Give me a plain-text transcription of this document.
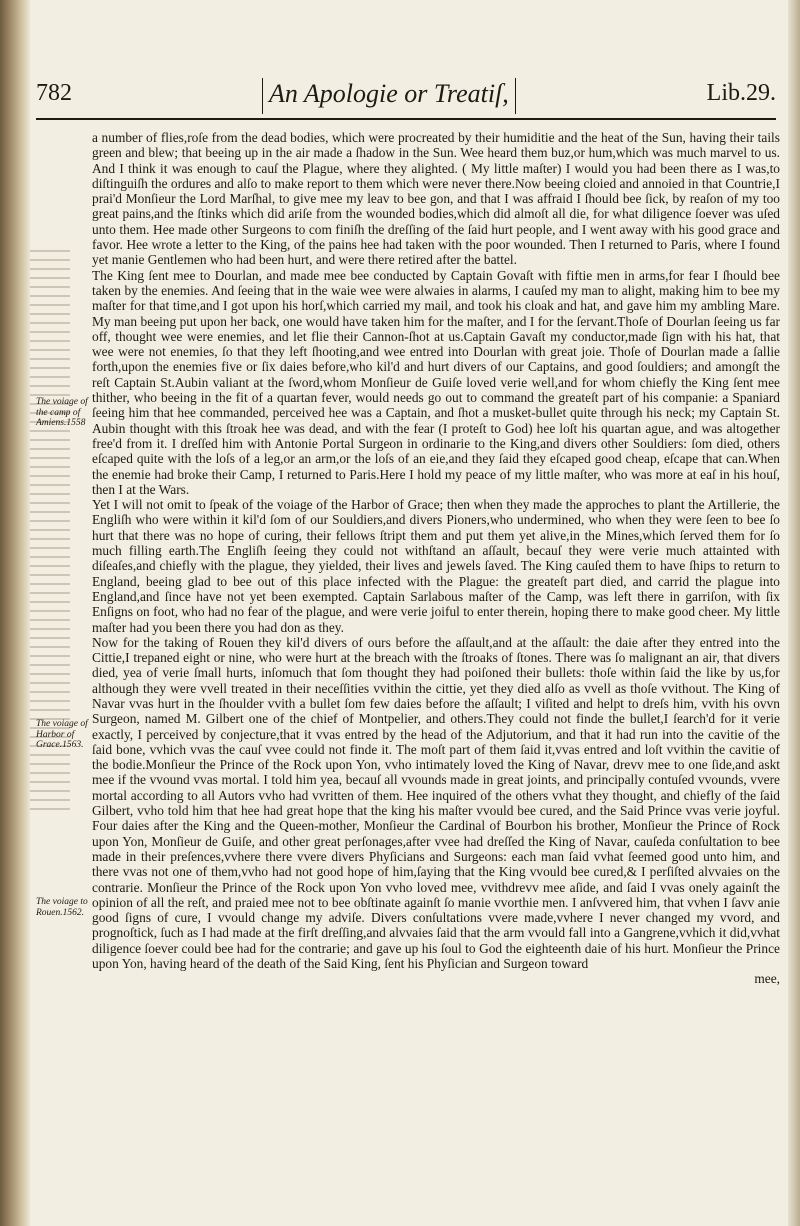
782	An Apologie or Treatiſ,	Lib.29.
The voiage of the camp of Amiens.1558
The voiage of Harbor of Grace.1563.
The voiage to Rouen.1562.

a number of flies,roſe from the dead bodies, which were procreated by their humiditie and the heat of the Sun, having their tails green and blew; that beeing up in the air made a ſhadow in the Sun. Wee heard them buz,or hum,which was much marvel to us. And I think it was enough to cauſ the Plague, where they alighted. ( My little maſter) I would you had been there as I was,to diſtinguiſh the ordures and alſo to make report to them which were never there.Now beeing cloied and annoied in that Countrie,I prai'd Monſieur the Lord Marſhal, to give mee my leav to bee gon, and that I was affraid I ſhould bee ſick, by reaſon of my too great pains,and the ſtinks which did ariſe from the wounded bodies,which did almoſt all die, for what diligence ſoever was uſed unto them. Hee made other Surgeons to com finiſh the dreſſing of the ſaid hurt people, and I went away with his good grace and favor. Hee wrote a letter to the King, of the pains hee had taken with the poor wounded. Then I returned to Paris, where I found yet manie Gentlemen who had been hurt, and were there retired after the battel.

The King ſent mee to Dourlan, and made mee bee conducted by Captain Govaſt with fiftie men in arms,for fear I ſhould bee taken by the enemies. And ſeeing that in the waie wee were alwaies in alarms, I cauſed my man to alight, making him to bee my maſter for that time,and I got upon his horſ,which carried my mail, and took his cloak and hat, and gave him my ambling Mare. My man beeing put upon her back, one would have taken him for the maſter, and I for the ſervant.Thoſe of Dourlan ſeeing us far off, thought wee were enemies, and let flie their Cannon-ſhot at us.Captain Gavaſt my conductor,made ſign with his hat, that wee were not enemies, ſo that they left ſhooting,and wee entred into Dourlan with great joie. Thoſe of Dourlan made a ſallie forth,upon the enemies five or ſix daies before,who kil'd and hurt divers of our Captains, and good ſouldiers; and amongſt the reſt Captain St.Aubin valiant at the ſword,whom Monſieur de Guiſe loved verie well,and for whom chiefly the King ſent mee thither, who beeing in the fit of a quartan fever, would needs go out to command the greateſt part of his companie: a Spaniard ſeeing him that hee commanded, perceived hee was a Captain, and ſhot a musket-bullet quite through his neck; my Captain St. Aubin thought with this ſtroak hee was dead, and with the fear (I proteſt to God) hee loſt his quartan ague, and was altogether free'd from it. I dreſſed him with Antonie Portal Surgeon in ordinarie to the King,and divers other Souldiers: ſom died, others eſcaped quite with the loſs of a leg,or an arm,or the loſs of an eie,and they ſaid they eſcaped good cheap, eſcape that can.When the enemie had broke their Camp, I returned to Paris.Here I hold my peace of my little maſter, who was more at eaſ in his houſ, then I at the Wars.

Yet I will not omit to ſpeak of the voiage of the Harbor of Grace; then when they made the approches to plant the Artillerie, the Engliſh who were within it kil'd ſom of our Souldiers,and divers Pioners,who undermined, who when they were ſeen to bee ſo hurt that there was no hope of curing, their fellows ſtript them and put them yet alive,in the Mines,which ſerved them for ſo much filling earth.The Engliſh ſeeing they could not withſtand an aſſault, becauſ they were verie much attainted with diſeaſes,and chiefly with the plague, they yielded, their lives and jewels ſaved. The King cauſed them to have ſhips to return to England, beeing glad to bee out of this place infected with the Plague: the greateſt part died, and carrid the plague into England,and ſince have not yet been exempted. Captain Sarlabous maſter of the Camp, was left there in garriſon, with ſix Enſigns on foot, who had no fear of the plague, and were verie joiful to enter therein, hoping there to make good cheer. My little maſter had you been there you had don as they.

Now for the taking of Rouen they kil'd divers of ours before the aſſault,and at the aſſault: the daie after they entred into the Cittie,I trepaned eight or nine, who were hurt at the breach with the ſtroaks of ſtones. There was ſo malignant an air, that divers died, yea of verie ſmall hurts, inſomuch that ſom thought they had poiſoned their bullets: thoſe within ſaid the like by us,for although they were vvell treated in their neceſſities vvithin the cittie, yet they died alſo as vvell as thoſe vvithout. The King of Navar vvas hurt in the ſhoulder vvith a bullet ſom few daies before the aſſault; I viſited and helpt to dreſs him, vvith his ovvn Surgeon, named M. Gilbert one of the chief of Montpelier, and others.They could not finde the bullet,I ſearch'd for it verie exactly, I perceived by conjecture,that it vvas entred by the head of the Adjutorium, and that it had run into the cavitie of the ſaid bone, vvhich vvas the cauſ vvee could not finde it. The moſt part of them ſaid it,vvas entred and loſt vvithin the cavitie of the bodie.Monſieur the Prince of the Rock upon Yon, vvho intimately loved the King of Navar, drevv mee to one ſide,and askt mee if the vvound vvas mortal. I told him yea, becauſ all vvounds made in great joints, and principally contuſed vvounds, vvere mortal according to all Autors vvho had vvritten of them. Hee inquired of the others vvhat they thought, and chiefly of the ſaid Gilbert, vvho told him that hee had great hope that the king his maſter vvould bee cured, and the Said Prince vvas verie joyful. Four daies after the King and the Queen-mother, Monſieur the Cardinal of Bourbon his brother, Monſieur the Prince of Rock upon Yon, Monſieur de Guiſe, and other great perſonages,after vvee had dreſſed the King of Navar, cauſeda conſultation to bee made in their preſences,vvhere there vvere divers Phyſicians and Surgeons: each man ſaid vvhat ſeemed good unto him, and there vvas not one of them,vvho had not good hope of him,ſaying that the King vvould bee cured,& I perſiſted alvvaies on the contrarie. Monſieur the Prince of the Rock upon Yon vvho loved mee, vvithdrevv mee aſide, and ſaid I vvas onely againſt the opinion of all the reſt, and praied mee not to bee obſtinate againſt ſo manie vvorthie men. I anſvvered him, that vvhen I ſavv anie good ſigns of cure, I vvould change my adviſe. Divers conſultations vvere made,vvhere I never changed my vvord, and prognoſtick, ſuch as I had made at the firſt dreſſing,and alvvaies ſaid that the arm vvould fall into a Gangrene,vvhich it did,vvhat diligence ſoever could bee had for the contrarie; and gave up his ſoul to God the eighteenth daie of his hurt. Monſieur the Prince upon Yon, having heard of the death of the Said King, ſent his Phyſician and Surgeon toward

mee,
